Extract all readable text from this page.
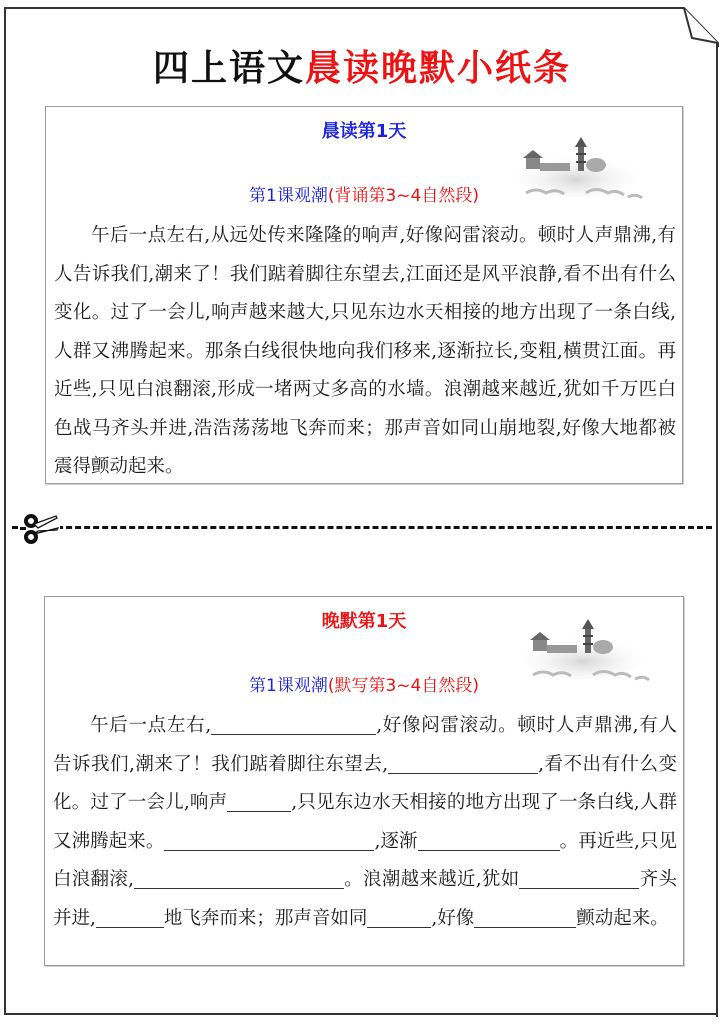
四上语文晨读晚默小纸条
晨读第1天
第1课观潮(背诵第3~4自然段)

午后一点左右,从远处传来隆隆的响声,好像闷雷滚动。顿时人声鼎沸,有人告诉我们,潮来了！我们踮着脚往东望去,江面还是风平浪静,看不出有什么变化。过了一会儿,响声越来越大,只见东边水天相接的地方出现了一条白线,人群又沸腾起来。那条白线很快地向我们移来,逐渐拉长,变粗,横贯江面。再近些,只见白浪翻滚,形成一堵两丈多高的水墙。浪潮越来越近,犹如千万匹白色战马齐头并进,浩浩荡荡地飞奔而来；那声音如同山崩地裂,好像大地都被震得颤动起来。

晚默第1天
第1课观潮(默写第3~4自然段)

午后一点左右,	,好像闷雷滚动。顿时人声鼎沸,有人告诉我们,潮来了！我们踮着脚往东望去,	,看不出有什么变化。过了一会儿,响声	,只见东边水天相接的地方出现了一条白线,人群又沸腾起来。	,逐渐	。再近些,只见白浪翻滚,	。浪潮越来越近,犹如	齐头并进,	地飞奔而来；那声音如同	,好像	颤动起来。
